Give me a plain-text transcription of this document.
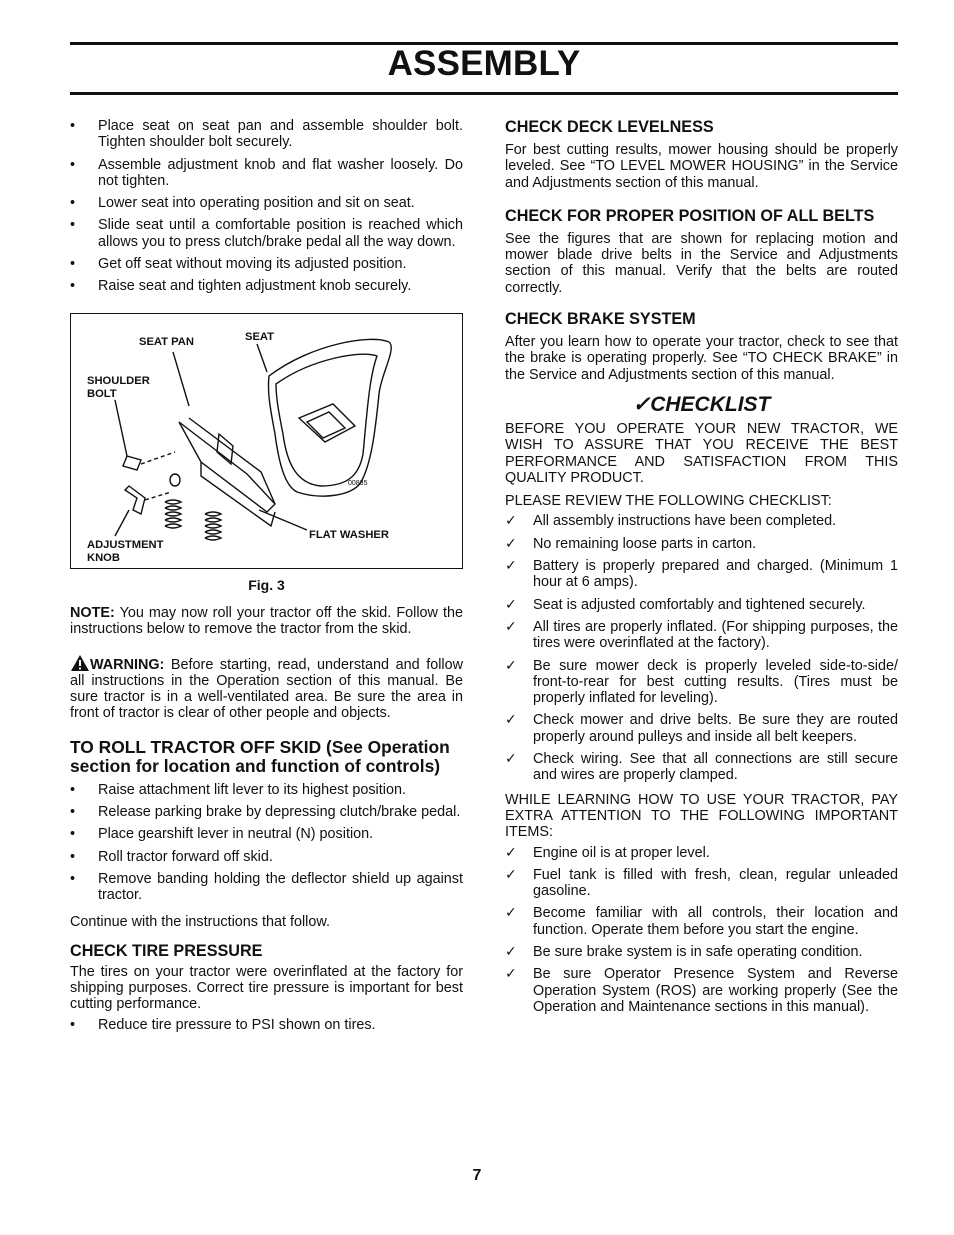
ASSEMBLY
• Place seat on seat pan and assemble shoulder bolt. Tighten shoulder bolt securely.
• Assemble adjustment knob and flat washer loosely. Do not tighten.
• Lower seat into operating position and sit on seat.
• Slide seat until a comfortable position is reached which allows you to press clutch/brake pedal all the way down.
• Get off seat without moving its adjusted position.
• Raise seat and tighten adjustment knob securely.
SEAT PAN	SEAT
SHOULDER
BOLT
ADJUSTMENT
KNOB
FLAT WASHER
00835
Fig. 3

NOTE: You may now roll your tractor off the skid. Follow the instructions below to remove the tractor from the skid.

WARNING: Before starting, read, understand and follow all instructions in the Operation section of this manual. Be sure tractor is in a well-ventilated area. Be sure the area in front of tractor is clear of other people and objects.

TO ROLL TRACTOR OFF SKID (See Operation section for location and function of controls)
• Raise attachment lift lever to its highest position.
• Release parking brake by depressing clutch/brake pedal.
• Place gearshift lever in neutral (N) position.
• Roll tractor forward off skid.
• Remove banding holding the deflector shield up against tractor.

Continue with the instructions that follow.

CHECK TIRE PRESSURE

The tires on your tractor were overinflated at the factory for shipping purposes. Correct tire pressure is important for best cutting performance.

• Reduce tire pressure to PSI shown on tires.
CHECK DECK LEVELNESS

For best cutting results, mower housing should be properly leveled. See “TO LEVEL MOWER HOUSING” in the Service and Adjustments section of this manual.

CHECK FOR PROPER POSITION OF ALL BELTS

See the figures that are shown for replacing motion and mower blade drive belts in the Service and Adjustments section of this manual. Verify that the belts are routed correctly.

CHECK BRAKE SYSTEM

After you learn how to operate your tractor, check to see that the brake is operating properly. See “TO CHECK BRAKE” in the Service and Adjustments section of this manual.

✓CHECKLIST

BEFORE YOU OPERATE YOUR NEW TRACTOR, WE WISH TO ASSURE THAT YOU RECEIVE THE BEST PERFORMANCE AND SATISFACTION FROM THIS QUALITY PRODUCT.

PLEASE REVIEW THE FOLLOWING CHECKLIST:

✓ All assembly instructions have been completed.
✓ No remaining loose parts in carton.
✓ Battery is properly prepared and charged. (Minimum 1 hour at 6 amps).
✓ Seat is adjusted comfortably and tightened securely.
✓ All tires are properly inflated. (For shipping purposes, the tires were overinflated at the factory).
✓ Be sure mower deck is properly leveled side-to-side/ front-to-rear for best cutting results. (Tires must be properly inflated for leveling).
✓ Check mower and drive belts. Be sure they are routed properly around pulleys and inside all belt keepers.
✓ Check wiring. See that all connections are still secure and wires are properly clamped.

WHILE LEARNING HOW TO USE YOUR TRACTOR, PAY EXTRA ATTENTION TO THE FOLLOWING IMPORTANT ITEMS:

✓ Engine oil is at proper level.
✓ Fuel tank is filled with fresh, clean, regular unleaded gasoline.
✓ Become familiar with all controls, their location and function. Operate them before you start the engine.
✓ Be sure brake system is in safe operating condition.
✓ Be sure Operator Presence System and Reverse Operation System (ROS) are working properly (See the Operation and Maintenance sections in this manual).
7
